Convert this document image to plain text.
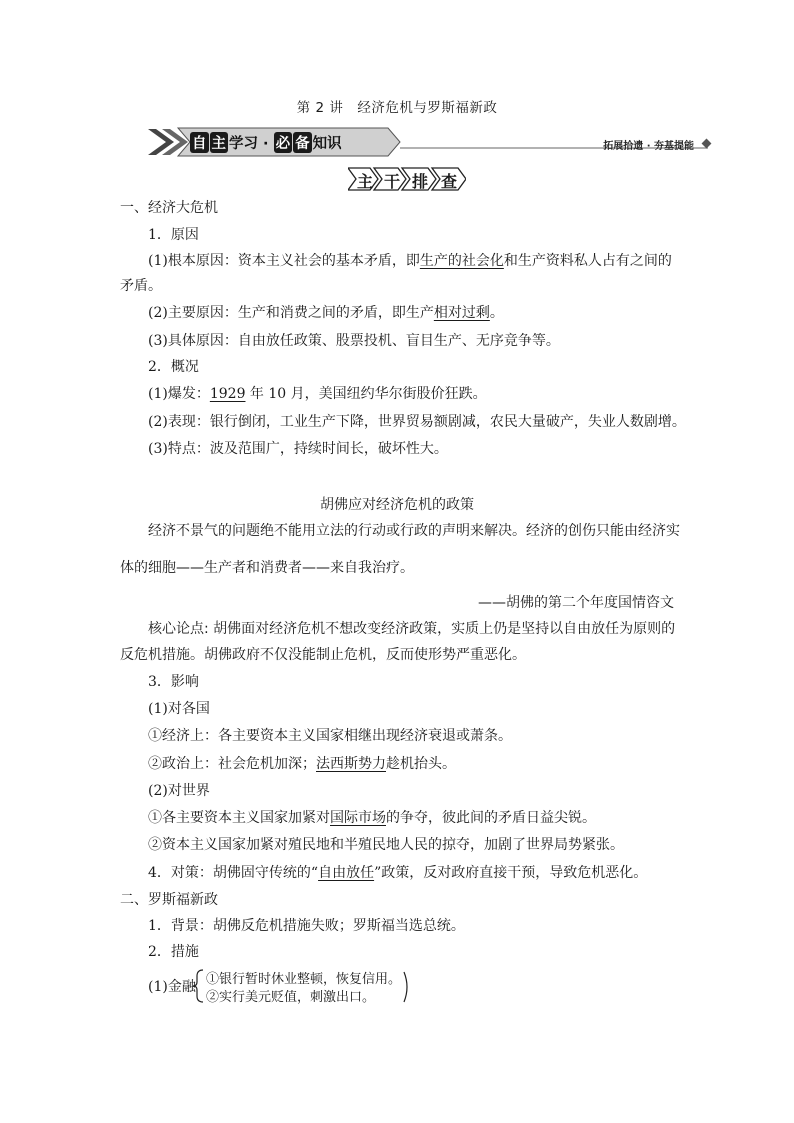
第 2 讲　经济危机与罗斯福新政
自 主 学习 · 必 备 知识	拓展拾遗 · 夯基提能
主 干 排 查
一、经济大危机
1．原因
(1)根本原因：资本主义社会的基本矛盾，即生产的社会化和生产资料私人占有之间的
矛盾。
(2)主要原因：生产和消费之间的矛盾，即生产相对过剩。
(3)具体原因：自由放任政策、股票投机、盲目生产、无序竞争等。
2．概况
(1)爆发：1929 年 10 月，美国纽约华尔街股价狂跌。
(2)表现：银行倒闭，工业生产下降，世界贸易额剧减，农民大量破产，失业人数剧增。
(3)特点：波及范围广，持续时间长，破坏性大。
胡佛应对经济危机的政策
经济不景气的问题绝不能用立法的行动或行政的声明来解决。经济的创伤只能由经济实
体的细胞——生产者和消费者——来自我治疗。
——胡佛的第二个年度国情咨文
核心论点: 胡佛面对经济危机不想改变经济政策，实质上仍是坚持以自由放任为原则的
反危机措施。胡佛政府不仅没能制止危机，反而使形势严重恶化。
3．影响
(1)对各国
①经济上：各主要资本主义国家相继出现经济衰退或萧条。
②政治上：社会危机加深；法西斯势力趁机抬头。
(2)对世界
①各主要资本主义国家加紧对国际市场的争夺，彼此间的矛盾日益尖锐。
②资本主义国家加紧对殖民地和半殖民地人民的掠夺，加剧了世界局势紧张。
4．对策：胡佛固守传统的“自由放任”政策，反对政府直接干预，导致危机恶化。
二、罗斯福新政
1．背景：胡佛反危机措施失败；罗斯福当选总统。
2．措施
(1)金融 ①银行暂时休业整顿，恢复信用。
②实行美元贬值，刺激出口。
